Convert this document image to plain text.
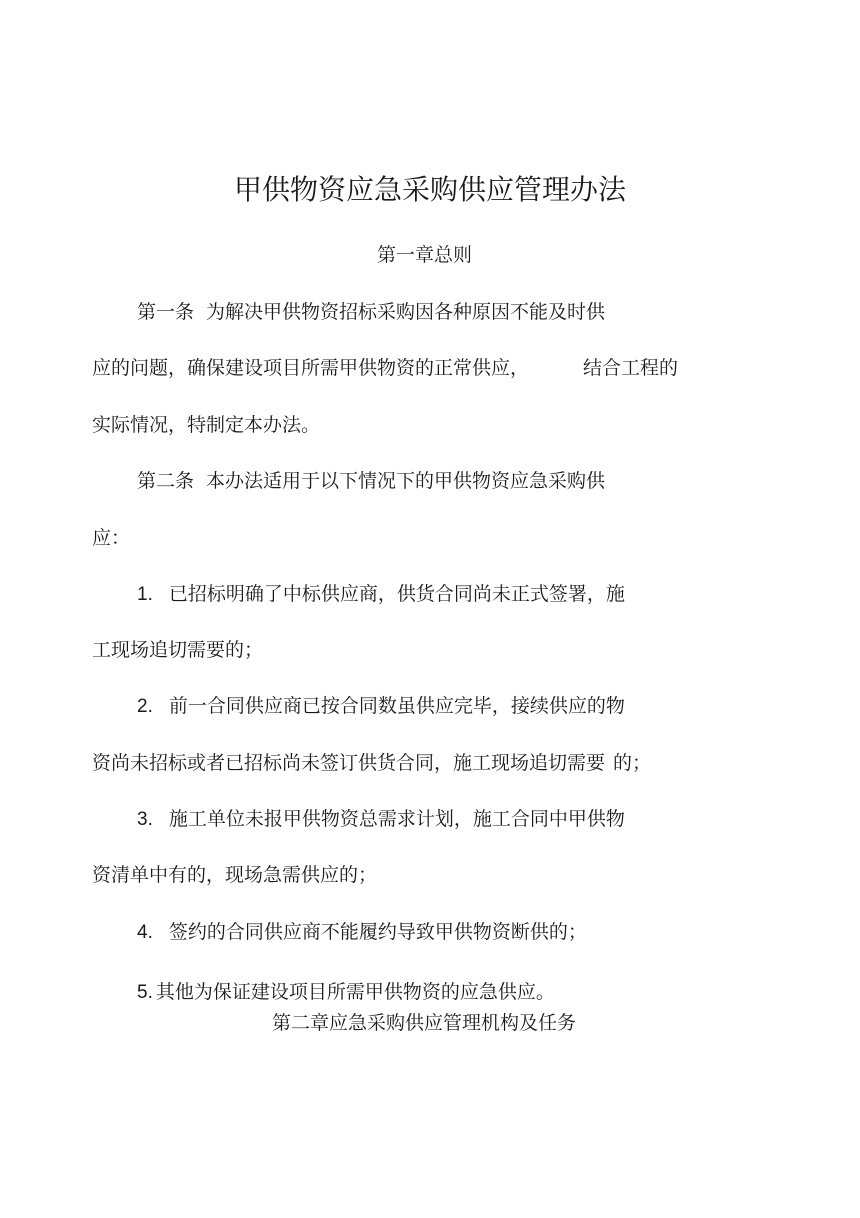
甲供物资应急采购供应管理办法
第一章总则
第一条 为解决甲供物资招标采购因各种原因不能及时供
应的问题，确保建设项目所需甲供物资的正常供应，	结合工程的
实际情况，特制定本办法。
第二条 本办法适用于以下情况下的甲供物资应急采购供
应：
1. 已招标明确了中标供应商，供货合同尚未正式签署，施
工现场追切需要的；
2. 前一合同供应商已按合同数虽供应完毕，接续供应的物
资尚未招标或者已招标尚未签订供货合同，施工现场追切需要 的；
3. 施工单位未报甲供物资总需求计划，施工合同中甲供物
资清单中有的，现场急需供应的；
4. 签约的合同供应商不能履约导致甲供物资断供的；
5. 其他为保证建设项目所需甲供物资的应急供应。
第二章应急采购供应管理机构及任务
